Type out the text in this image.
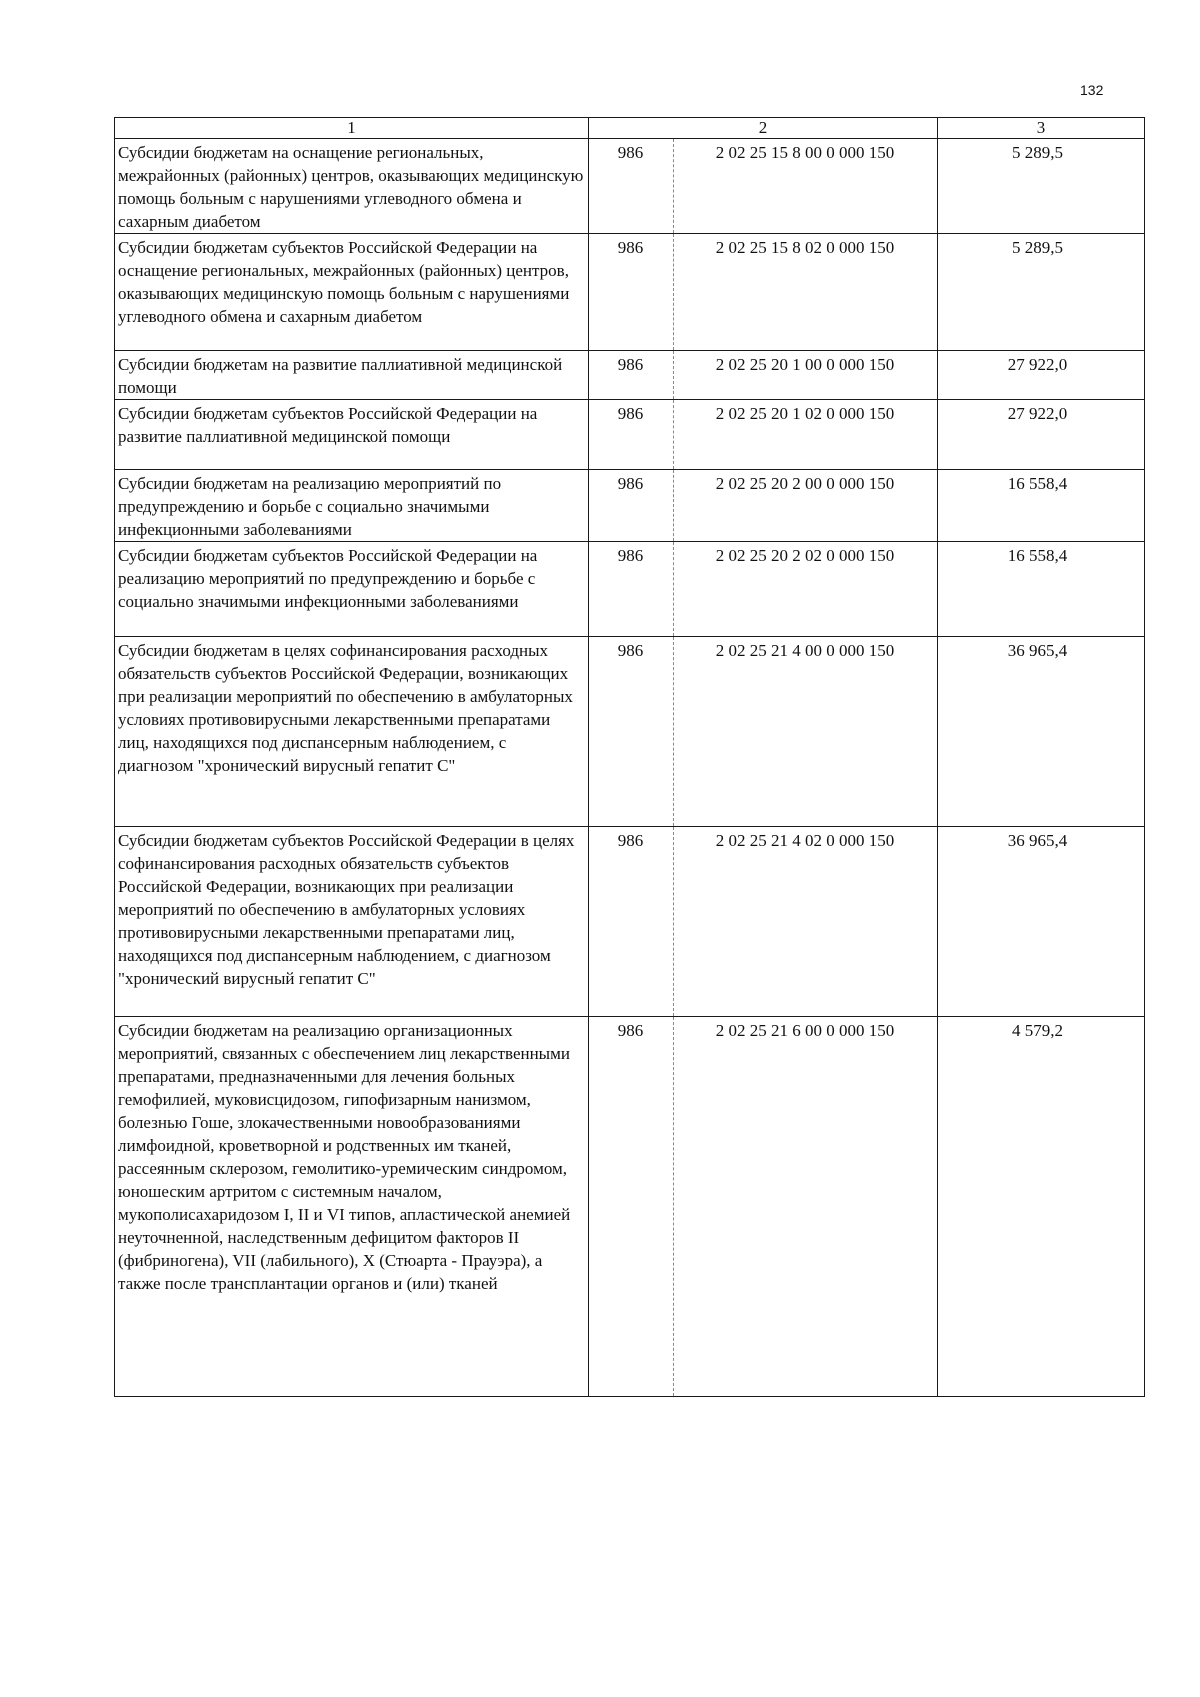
132
1	2		3
Субсидии бюджетам на оснащение региональных, межрайонных (районных) центров, оказывающих медицинскую помощь больным с нарушениями углеводного обмена и сахарным диабетом	986	2 02 25 15 8 00 0 000 150	5 289,5
Субсидии бюджетам субъектов Российской Федерации на оснащение региональных, межрайонных (районных) центров, оказывающих медицинскую помощь больным с нарушениями углеводного обмена и сахарным диабетом	986	2 02 25 15 8 02 0 000 150	5 289,5
Субсидии бюджетам на развитие паллиативной медицинской помощи	986	2 02 25 20 1 00 0 000 150	27 922,0
Субсидии бюджетам субъектов Российской Федерации на развитие паллиативной медицинской помощи	986	2 02 25 20 1 02 0 000 150	27 922,0
Субсидии бюджетам на реализацию мероприятий по предупреждению и борьбе с социально значимыми инфекционными заболеваниями	986	2 02 25 20 2 00 0 000 150	16 558,4
Субсидии бюджетам субъектов Российской Федерации на реализацию мероприятий по предупреждению и борьбе с социально значимыми инфекционными заболеваниями	986	2 02 25 20 2 02 0 000 150	16 558,4
Субсидии бюджетам в целях софинансирования расходных обязательств субъектов Российской Федерации, возникающих при реализации мероприятий по обеспечению в амбулаторных условиях противовирусными лекарственными препаратами лиц, находящихся под диспансерным наблюдением, с диагнозом "хронический вирусный гепатит С"	986	2 02 25 21 4 00 0 000 150	36 965,4
Субсидии бюджетам субъектов Российской Федерации в целях софинансирования расходных обязательств субъектов Российской Федерации, возникающих при реализации мероприятий по обеспечению в амбулаторных условиях противовирусными лекарственными препаратами лиц, находящихся под диспансерным наблюдением, с диагнозом "хронический вирусный гепатит С"	986	2 02 25 21 4 02 0 000 150	36 965,4
Субсидии бюджетам на реализацию организационных мероприятий, связанных с обеспечением лиц лекарственными препаратами, предназначенными для лечения больных гемофилией, муковисцидозом, гипофизарным нанизмом, болезнью Гоше, злокачественными новообразованиями лимфоидной, кроветворной и родственных им тканей, рассеянным склерозом, гемолитико-уремическим синдромом, юношеским артритом с системным началом, мукополисахаридозом I, II и VI типов, апластической анемией неуточненной, наследственным дефицитом факторов II (фибриногена), VII (лабильного), X (Стюарта - Прауэра), а также после трансплантации органов и (или) тканей	986	2 02 25 21 6 00 0 000 150	4 579,2
